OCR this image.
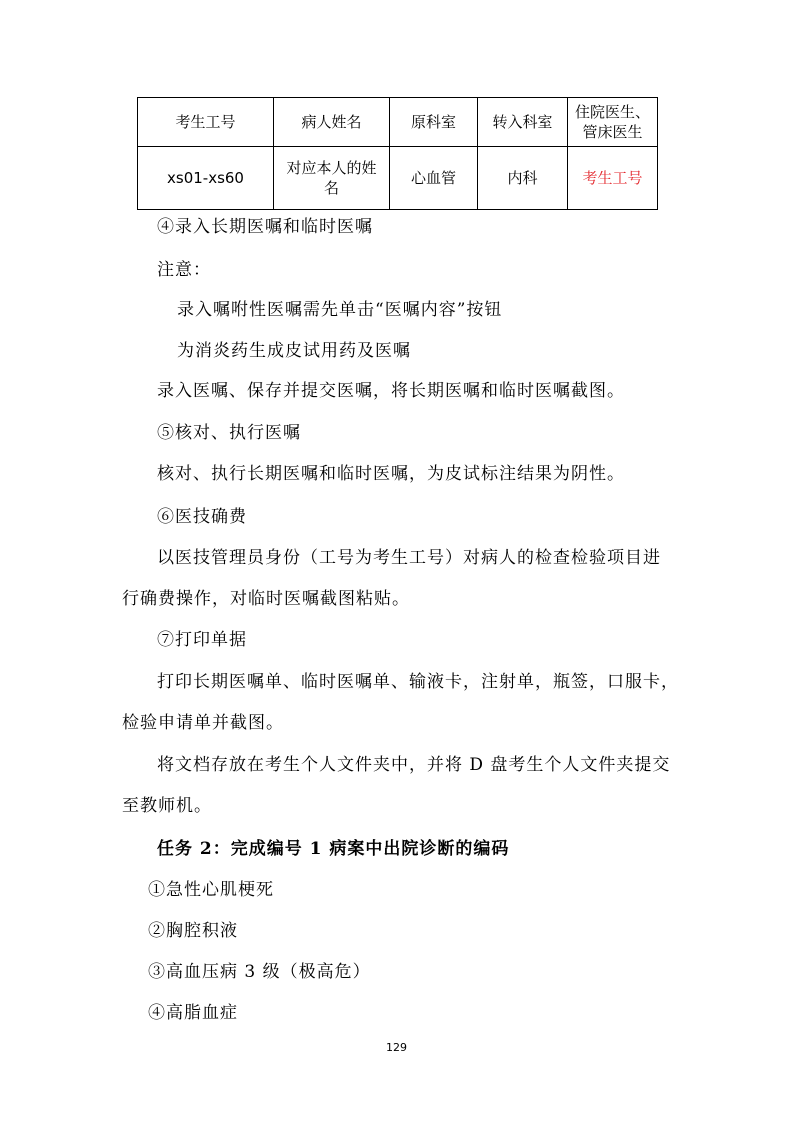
考生工号	病人姓名	原科室	转入科室	住院医生、管床医生
xs01-xs60	对应本人的姓名	心血管	内科	考生工号
④录入长期医嘱和临时医嘱
注意：
录入嘱咐性医嘱需先单击“医嘱内容”按钮
为消炎药生成皮试用药及医嘱
录入医嘱、保存并提交医嘱，将长期医嘱和临时医嘱截图。
⑤核对、执行医嘱
核对、执行长期医嘱和临时医嘱，为皮试标注结果为阴性。
⑥医技确费
以医技管理员身份（工号为考生工号）对病人的检查检验项目进
行确费操作，对临时医嘱截图粘贴。
⑦打印单据
打印长期医嘱单、临时医嘱单、输液卡，注射单，瓶签，口服卡，
检验申请单并截图。
将文档存放在考生个人文件夹中，并将 D 盘考生个人文件夹提交
至教师机。
任务 2：完成编号 1 病案中出院诊断的编码
①急性心肌梗死
②胸腔积液
③高血压病 3 级（极高危）
④高脂血症
129
